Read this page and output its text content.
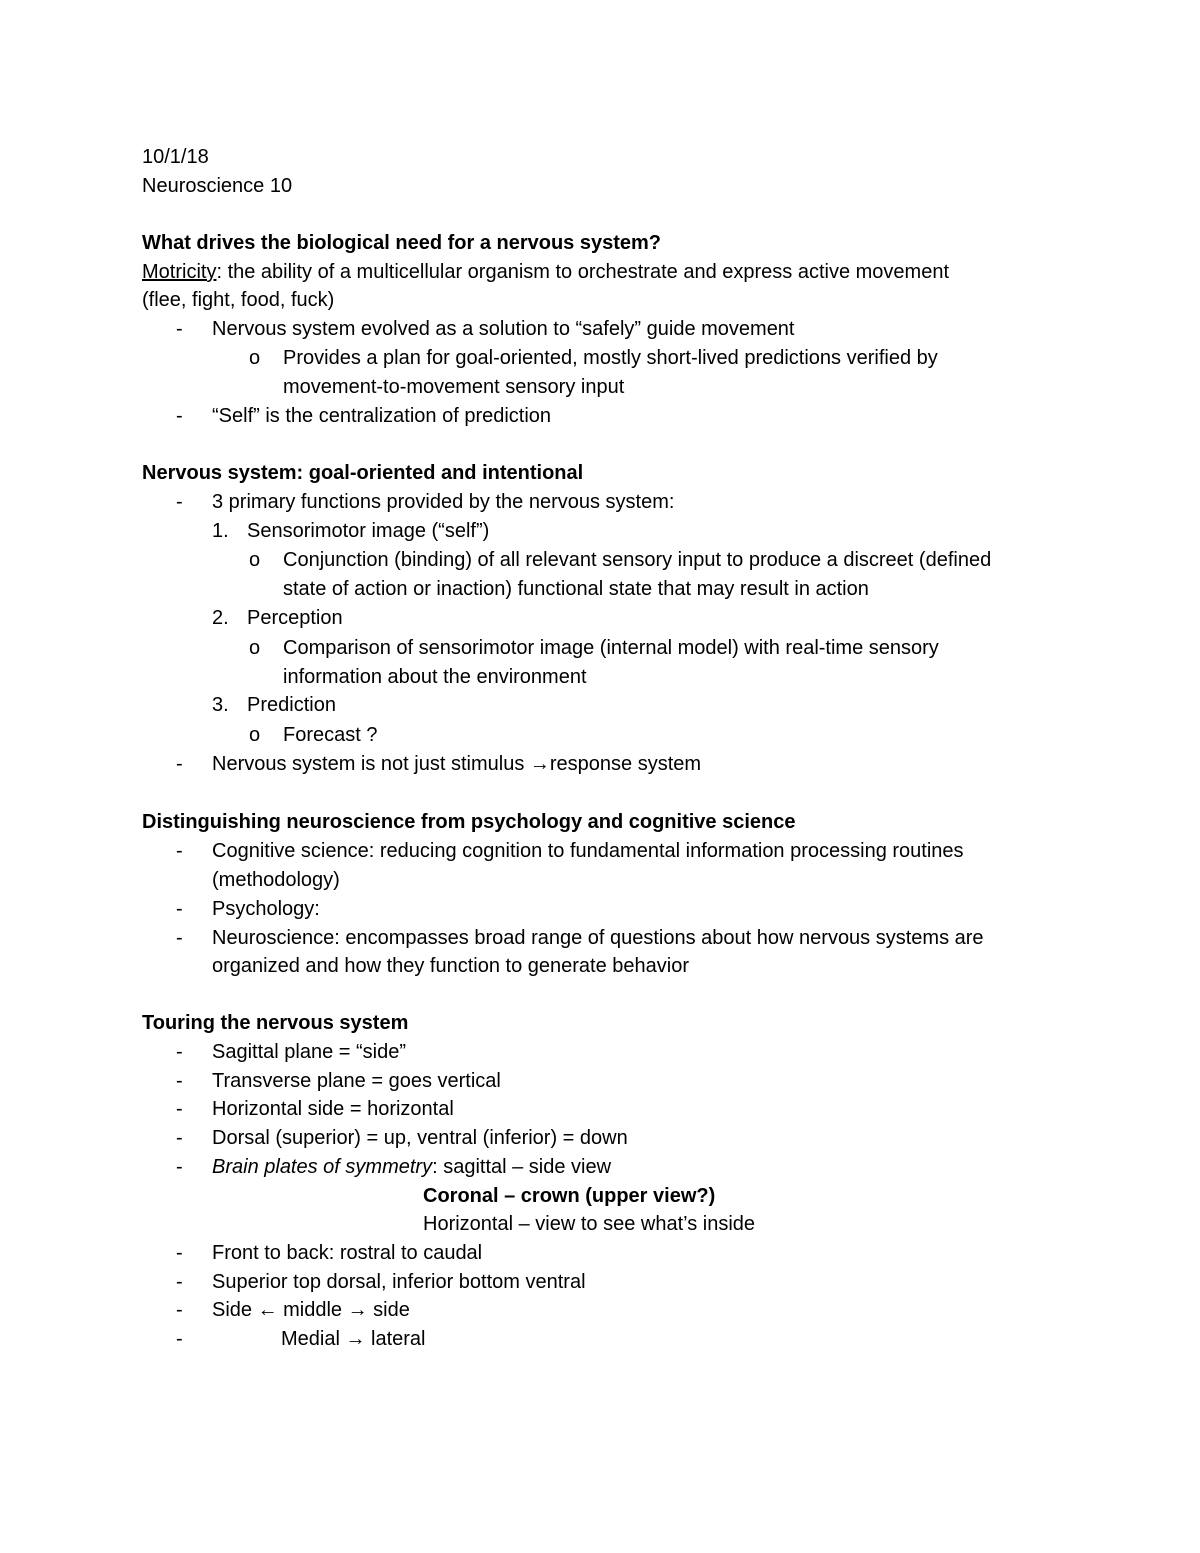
10/1/18
Neuroscience 10
What drives the biological need for a nervous system?
Motricity: the ability of a multicellular organism to orchestrate and express active movement
(flee, fight, food, fuck)
- Nervous system evolved as a solution to “safely” guide movement
o Provides a plan for goal-oriented, mostly short-lived predictions verified by
movement-to-movement sensory input
- “Self” is the centralization of prediction
Nervous system: goal-oriented and intentional
- 3 primary functions provided by the nervous system:
1. Sensorimotor image (“self”)
o Conjunction (binding) of all relevant sensory input to produce a discreet (defined
state of action or inaction) functional state that may result in action
2. Perception
o Comparison of sensorimotor image (internal model) with real-time sensory
information about the environment
3. Prediction
o Forecast ?
- Nervous system is not just stimulus →response system
Distinguishing neuroscience from psychology and cognitive science
- Cognitive science: reducing cognition to fundamental information processing routines
(methodology)
- Psychology:
- Neuroscience: encompasses broad range of questions about how nervous systems are
organized and how they function to generate behavior
Touring the nervous system
- Sagittal plane = “side”
- Transverse plane = goes vertical
- Horizontal side = horizontal
- Dorsal (superior) = up, ventral (inferior) = down
- Brain plates of symmetry: sagittal – side view
Coronal – crown (upper view?)
Horizontal – view to see what’s inside
- Front to back: rostral to caudal
- Superior top dorsal, inferior bottom ventral
- Side ← middle → side
-	Medial → lateral
